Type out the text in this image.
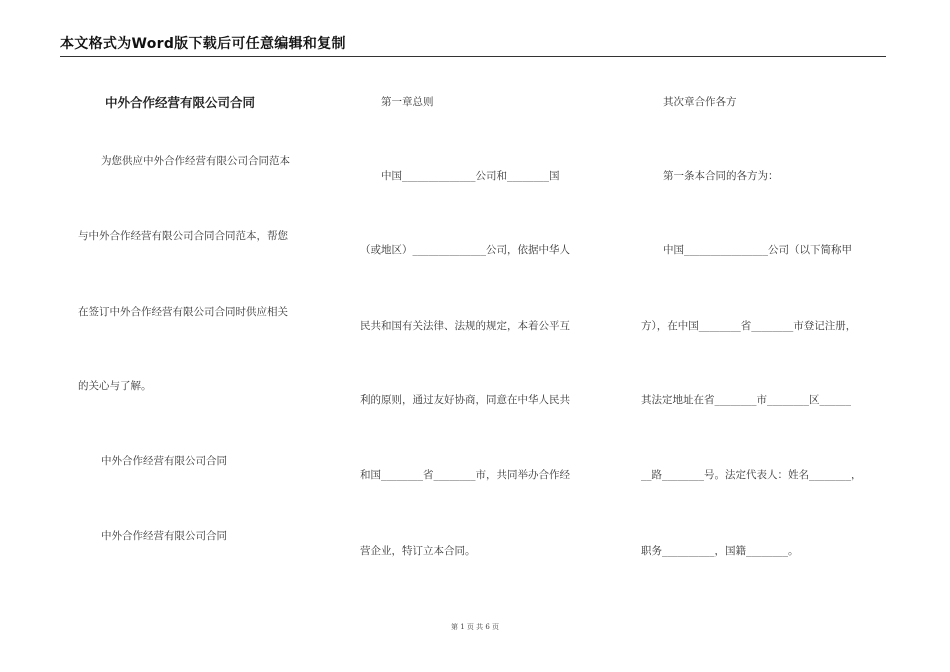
本文格式为Word版下载后可任意编辑和复制
中外合作经营有限公司合同
为您供应中外合作经营有限公司合同范本
与中外合作经营有限公司合同合同范本，帮您
在签订中外合作经营有限公司合同时供应相关
的关心与了解。
中外合作经营有限公司合同
中外合作经营有限公司合同
第一章总则
中国______________公司和________国
（或地区）______________公司，依据中华人
民共和国有关法律、法规的规定，本着公平互
利的原则，通过友好协商，同意在中华人民共
和国________省________市，共同举办合作经
营企业，特订立本合同。
其次章合作各方
第一条本合同的各方为：
中国________________公司（以下简称甲
方），在中国________省________市登记注册，
其法定地址在省________市________区______
__路________号。法定代表人：姓名________，
职务__________，国籍________。
第 1 页 共 6 页
